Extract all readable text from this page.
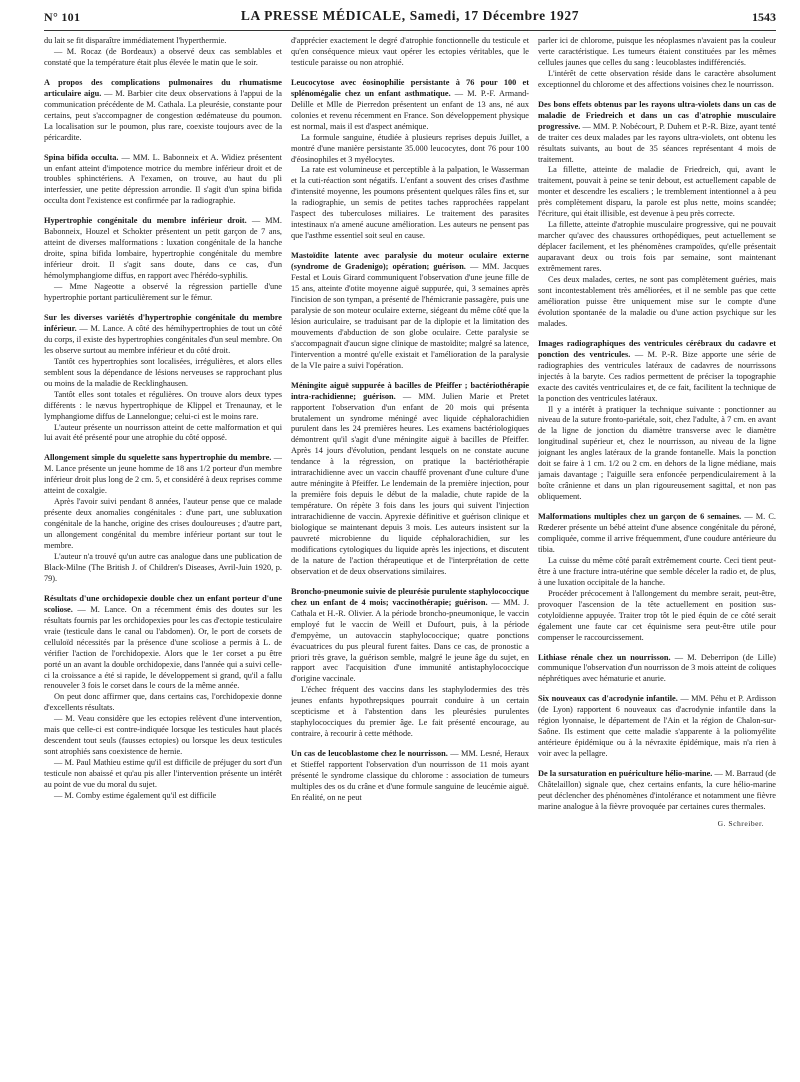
N° 101	LA PRESSE MÉDICALE, Samedi, 17 Décembre 1927	1543

du lait se fit disparaître immédiatement l'hyperthermie.

— M. Rocaz (de Bordeaux) a observé deux cas semblables et constaté que la température était plus élevée le matin que le soir.

A propos des complications pulmonaires du rhumatisme articulaire aigu. — M. Barbier cite deux observations à l'appui de la communication précédente de M. Cathala. La pleurésie, constante pour certains, peut s'accompagner de congestion œdémateuse du poumon. La localisation sur le poumon, plus rare, coexiste toujours avec de la péricardite.

Spina bifida occulta. — MM. L. Babonneix et A. Widiez présentent un enfant atteint d'impotence motrice du membre inférieur droit et de troubles sphinctériens. A l'examen, on trouve, au haut du pli interfessier, une petite dépression arrondie. Il s'agit d'un spina bifida occulta dont l'existence est confirmée par la radiographie.

Hypertrophie congénitale du membre inférieur droit. — MM. Babonneix, Houzel et Schokter présentent un petit garçon de 7 ans, atteint de diverses malformations : luxation congénitale de la hanche droite, spina bifida lombaire, hypertrophie congénitale du membre inférieur droit. Il s'agit sans doute, dans ce cas, d'un hémolymphangiome diffus, en rapport avec l'hérédo-syphilis.

— Mme Nageotte a observé la régression partielle d'une hypertrophie portant particulièrement sur le fémur.

Sur les diverses variétés d'hypertrophie congénitale du membre inférieur. — M. Lance. A côté des hémihypertrophies de tout un côté du corps, il existe des hypertrophies congénitales d'un seul membre. On les observe surtout au membre inférieur et du côté droit.

Tantôt ces hypertrophies sont localisées, irrégulières, et alors elles semblent sous la dépendance de lésions nerveuses se rapprochant plus ou moins de la maladie de Recklinghausen.

Tantôt elles sont totales et régulières. On trouve alors deux types différents : le nævus hypertrophique de Klippel et Trenaunay, et le lymphangiome diffus de Lannelongue; celui-ci est le moins rare.

L'auteur présente un nourrisson atteint de cette malformation et qui lui avait été présenté pour une atrophie du côté opposé.

Allongement simple du squelette sans hypertrophie du membre. — M. Lance présente un jeune homme de 18 ans 1/2 porteur d'un membre inférieur droit plus long de 2 cm. 5, et considéré à deux reprises comme atteint de coxalgie.

Après l'avoir suivi pendant 8 années, l'auteur pense que ce malade présente deux anomalies congénitales : d'une part, une subluxation congénitale de la hanche, origine des crises douloureuses ; d'autre part, un allongement congénital du membre inférieur portant sur tout le membre.

L'auteur n'a trouvé qu'un autre cas analogue dans une publication de Black-Milne (The British J. of Children's Diseases, Avril-Juin 1920, p. 79).

Résultats d'une orchidopexie double chez un enfant porteur d'une scoliose. — M. Lance. On a récemment émis des doutes sur les résultats fournis par les orchidopexies pour les cas d'ectopie testiculaire vraie (testicule dans le canal ou l'abdomen). Or, le port de corsets de celluloïd nécessités par la présence d'une scoliose a permis à L. de vérifier l'action de l'orchidopexie. Alors que le 1er corset a pu être porté un an avant la double orchidopexie, dans l'année qui a suivi celle-ci la croissance a été si rapide, le développement si grand, qu'il a fallu renouveler 3 fois le corset dans le cours de la même année.

On peut donc affirmer que, dans certains cas, l'orchidopexie donne d'excellents résultats.

— M. Veau considère que les ectopies relèvent d'une intervention, mais que celle-ci est contre-indiquée lorsque les testicules haut placés descendent tout seuls (fausses ectopies) ou lorsque les deux testicules sont atrophiés sans coexistence de hernie.

— M. Paul Mathieu estime qu'il est difficile de préjuger du sort d'un testicule non abaissé et qu'au pis aller l'intervention présente un intérêt au point de vue du moral du sujet.

— M. Comby estime également qu'il est difficile

d'apprécier exactement le degré d'atrophie fonctionnelle du testicule et qu'en conséquence mieux vaut opérer les ectopies véritables, que le testicule paraisse ou non atrophié.

Leucocytose avec éosinophilie persistante à 76 pour 100 et splénomégalie chez un enfant asthmatique. — M. P.-F. Armand-Delille et Mlle de Pierredon présentent un enfant de 13 ans, né aux colonies et revenu récemment en France. Son développement physique est normal, mais il est d'aspect anémique.

La formule sanguine, étudiée à plusieurs reprises depuis Juillet, a montré d'une manière persistante 35.000 leucocytes, dont 76 pour 100 d'éosinophiles et 3 myélocytes.

La rate est volumineuse et perceptible à la palpation, le Wasserman et la cuti-réaction sont négatifs. L'enfant a souvent des crises d'asthme d'intensité moyenne, les poumons présentent quelques râles fins et, sur la radiographie, un semis de petites taches rapprochées rappelant l'aspect des tuberculoses miliaires. Le traitement des parasites intestinaux n'a amené aucune amélioration. Les auteurs ne pensent pas que l'asthme essentiel soit seul en cause.

Mastoïdite latente avec paralysie du moteur oculaire externe (syndrome de Gradenigo); opération; guérison. — MM. Jacques Festal et Louis Girard communiquent l'observation d'une jeune fille de 15 ans, atteinte d'otite moyenne aiguë suppurée, qui, 3 semaines après l'incision de son tympan, a présenté de l'hémicranie passagère, puis une paralysie de son moteur oculaire externe, siégeant du même côté que la lésion auriculaire, se traduisant par de la diplopie et la limitation des mouvements d'abduction de son globe oculaire. Cette paralysie se s'accompagnait d'aucun signe clinique de mastoïdite; malgré sa latence, l'intervention a montré qu'elle existait et l'amélioration de la paralysie de la VIe paire a suivi l'opération.

Méningite aiguë suppurée à bacilles de Pfeiffer ; bactériothérapie intra-rachidienne; guérison. — MM. Julien Marie et Pretet rapportent l'observation d'un enfant de 20 mois qui présenta brutalement un syndrome méningé avec liquide céphalorachidien purulent dans les 24 premières heures. Les examens bactériologiques démontrent qu'il s'agit d'une méningite aiguë à bacilles de Pfeiffer. Après 14 jours d'évolution, pendant lesquels on ne constate aucune tendance à la régression, on pratique la bactériothérapie intrarachidienne avec un vaccin chauffé provenant d'une culture d'une autre méningite à Pfeiffer. Le lendemain de la première injection, pour la première fois depuis le début de la maladie, chute rapide de la température. On répète 3 fois dans les jours qui suivent l'injection intrarachidienne de vaccin. Apyrexie définitive et guérison clinique et biologique se maintenant depuis 3 mois. Les auteurs insistent sur la pauvreté microbienne du liquide céphalorachidien, sur les modifications cytologiques du liquide après les injections, et discutent de la nature de l'action thérapeutique et de l'interprétation de cette observation et de deux observations similaires.

Broncho-pneumonie suivie de pleurésie purulente staphylococcique chez un enfant de 4 mois; vaccinothérapie; guérison. — MM. J. Cathala et H.-R. Olivier. A la période broncho-pneumonique, le vaccin employé fut le vaccin de Weill et Dufourt, puis, à la période d'empyème, un autovaccin staphylococcique; quatre ponctions évacuatrices du pus pleural furent faites. Dans ce cas, de pronostic a priori très grave, la guérison semble, malgré le jeune âge du sujet, en rapport avec l'acquisition d'une immunité antistaphylococcique d'origine vaccinale.

L'échec fréquent des vaccins dans les staphylodermies des très jeunes enfants hypothrepsiques pourrait conduire à un certain scepticisme et à l'abstention dans les pleurésies purulentes staphylococciques du premier âge. Le fait présenté encourage, au contraire, à recourir à cette méthode.

Un cas de leucoblastome chez le nourrisson. — MM. Lesné, Heraux et Stieffel rapportent l'observation d'un nourrisson de 11 mois ayant présenté le syndrome classique du chlorome : association de tumeurs multiples des os du crâne et d'une formule sanguine de leucémie aiguë. En réalité, on ne peut

parler ici de chlorome, puisque les néoplasmes n'avaient pas la couleur verte caractéristique. Les tumeurs étaient constituées par les mêmes cellules jaunes que celles du sang : leucoblastes indifférenciés.

L'intérêt de cette observation réside dans le caractère absolument exceptionnel du chlorome et des affections voisines chez le nourrisson.

Des bons effets obtenus par les rayons ultra-violets dans un cas de maladie de Friedreich et dans un cas d'atrophie musculaire progressive. — MM. P. Nobécourt, P. Duhem et P.-R. Bize, ayant tenté de traiter ces deux malades par les rayons ultra-violets, ont obtenu les résultats suivants, au bout de 35 séances représentant 4 mois de traitement.

La fillette, atteinte de maladie de Friedreich, qui, avant le traitement, pouvait à peine se tenir debout, est actuellement capable de monter et descendre les escaliers ; le tremblement intentionnel a à peu près complètement disparu, la parole est plus nette, moins scandée; l'écriture, qui était illisible, est devenue à peu près correcte.

La fillette, atteinte d'atrophie musculaire progressive, qui ne pouvait marcher qu'avec des chaussures orthopédiques, peut actuellement se déplacer facilement, et les phénomènes crampoïdes, qu'elle présentait auparavant deux ou trois fois par semaine, sont maintenant extrêmement rares.

Ces deux malades, certes, ne sont pas complètement guéries, mais sont incontestablement très améliorées, et il ne semble pas que cette amélioration puisse être uniquement mise sur le compte d'une évolution spontanée de la maladie ou d'une action psychique sur les malades.

Images radiographiques des ventricules cérébraux du cadavre et ponction des ventricules. — M. P.-R. Bize apporte une série de radiographies des ventricules latéraux de cadavres de nourrissons injectés à la baryte. Ces radios permettent de préciser la topographie exacte des cavités ventriculaires et, de ce fait, facilitent la technique de la ponction des ventricules latéraux.

Il y a intérêt à pratiquer la technique suivante : ponctionner au niveau de la suture fronto-pariétale, soit, chez l'adulte, à 7 cm. en avant de la ligne de jonction du diamètre transverse avec le diamètre longitudinal supérieur et, chez le nourrisson, au niveau de la ligne joignant les angles latéraux de la grande fontanelle. Mais la ponction doit se faire à 1 cm. 1/2 ou 2 cm. en dehors de la ligne médiane, mais jamais davantage ; l'aiguille sera enfoncée perpendiculairement à la boîte crânienne et dans un plan rigoureusement sagittal, et non pas obliquement.

Malformations multiples chez un garçon de 6 semaines. — M. C. Rœderer présente un bébé atteint d'une absence congénitale du péroné, compliquée, comme il arrive fréquemment, d'une coudure antérieure du tibia.

La cuisse du même côté paraît extrêmement courte. Ceci tient peut-être à une fracture intra-utérine que semble déceler la radio et, de plus, à une luxation occipitale de la hanche.

Procéder précocement à l'allongement du membre serait, peut-être, provoquer l'ascension de la tête actuellement en position sus-cotyloïdienne appuyée. Traiter trop tôt le pied équin de ce côté serait également une faute car cet équinisme sera peut-être utile pour compenser le raccourcissement.

Lithiase rénale chez un nourrisson. — M. Deberripon (de Lille) communique l'observation d'un nourrisson de 3 mois atteint de coliques néphrétiques avec hématurie et anurie.

Six nouveaux cas d'acrodynie infantile. — MM. Péhu et P. Ardisson (de Lyon) rapportent 6 nouveaux cas d'acrodynie infantile dans la région lyonnaise, le département de l'Ain et la région de Chalon-sur-Saône. Ils estiment que cette maladie s'apparente à la poliomyélite antérieure épidémique ou à la névraxite épidémique, mais n'a rien à voir avec la pellagre.

De la sursaturation en puériculture hélio-marine. — M. Barraud (de Châtelaillon) signale que, chez certains enfants, la cure hélio-marine peut déclencher des phénomènes d'intolérance et notamment une fièvre marine analogue à la fièvre provoquée par certaines cures thermales.

G. Schreiber.
